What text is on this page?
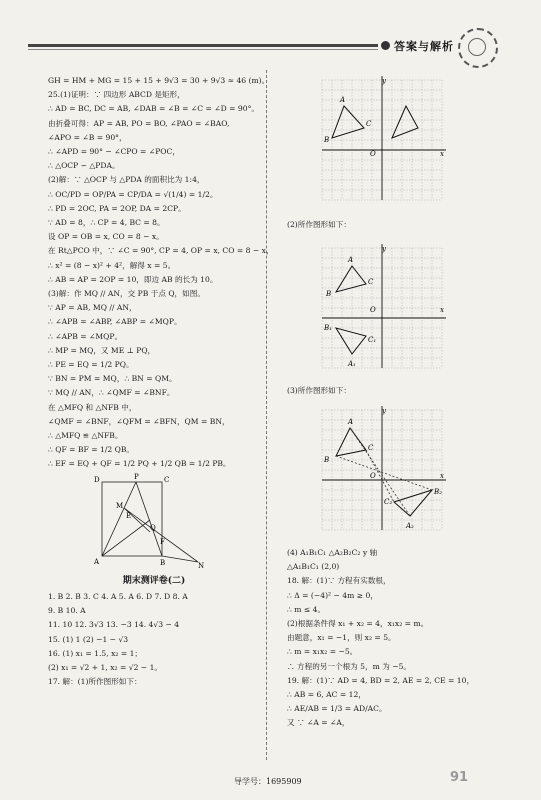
答案与解析
GH = HM + MG = 15 + 15 + 9√3 = 30 + 9√3 ≈ 46 (m)。
25.(1)证明：∵ 四边形 ABCD 是矩形，
∴ AD = BC, DC = AB, ∠DAB = ∠B = ∠C = ∠D = 90°。
由折叠可得：AP = AB, PO = BO, ∠PAO = ∠BAO,
∠APO = ∠B = 90°，
∴ ∠APD = 90° − ∠CPO = ∠POC，
∴ △OCP ∽ △PDA。
(2)解：∵ △OCP 与 △PDA 的面积比为 1:4，
∴ OC/PD = OP/PA = CP/DA = √(1/4) = 1/2。
∴ PD = 2OC, PA = 2OP, DA = 2CP。
∵ AD = 8，∴ CP = 4, BC = 8。
设 OP = OB = x, CO = 8 − x。
在 Rt△PCO 中，∵ ∠C = 90°, CP = 4, OP = x, CO = 8 − x，
∴ x² = (8 − x)² + 4²，解得 x = 5。
∴ AB = AP = 2OP = 10，即边 AB 的长为 10。
(3)解：作 MQ // AN，交 PB 于点 Q，如图。
∵ AP = AB, MQ // AN，
∴ ∠APB = ∠ABP, ∠ABP = ∠MQP。
∴ ∠APB = ∠MQP。
∴ MP = MQ，又 ME ⊥ PQ，
∴ PE = EQ = 1/2 PQ。
∵ BN = PM = MQ，∴ BN = QM。
∵ MQ // AN，∴ ∠QMF = ∠BNF。
在 △MFQ 和 △NFB 中，
∠QMF = ∠BNF，∠QFM = ∠BFN，QM = BN，
∴ △MFQ ≌ △NFB。
∴ QF = BF = 1/2 QB。
∴ EF = EQ + QF = 1/2 PQ + 1/2 QB = 1/2 PB。
期末测评卷(二)
1. B 2. B 3. C 4. A 5. A 6. D 7. D 8. A
9. B 10. A
11. 10 12. 3√3 13. −3 14. 4√3 − 4
15. (1) 1 (2) −1 − √3
16. (1) x₁ = 1.5, x₂ = 1；
(2) x₁ = √2 + 1, x₂ = √2 − 1。
17. 解：(1)所作图形如下：
D	P	C
M
E
Q
F
A	B	N
y
A
C
B
O	x
y
A
C
B
O	x
C₁
B₁
A₁
y
A
C
B
O	x
B₂
C₂
A₂
(2)所作图形如下：
(3)所作图形如下：
(4) A₁B₁C₁ △A₂B₂C₂ y 轴
△A₁B₁C₁ (2,0)
18. 解：(1)∵ 方程有实数根，
∴ Δ = (−4)² − 4m ≥ 0，
∴ m ≤ 4。
(2)根据条件得 x₁ + x₂ = 4，x₁x₂ = m。
由题意，x₁ = −1，则 x₂ = 5。
∴ m = x₁x₂ = −5。
∴ 方程的另一个根为 5，m 为 −5。
19. 解：(1)∵ AD = 4, BD = 2, AE = 2, CE = 10，
∴ AB = 6, AC = 12，
∴ AE/AB = 1/3 = AD/AC。
又 ∵ ∠A = ∠A，
导学号：1695909	91
